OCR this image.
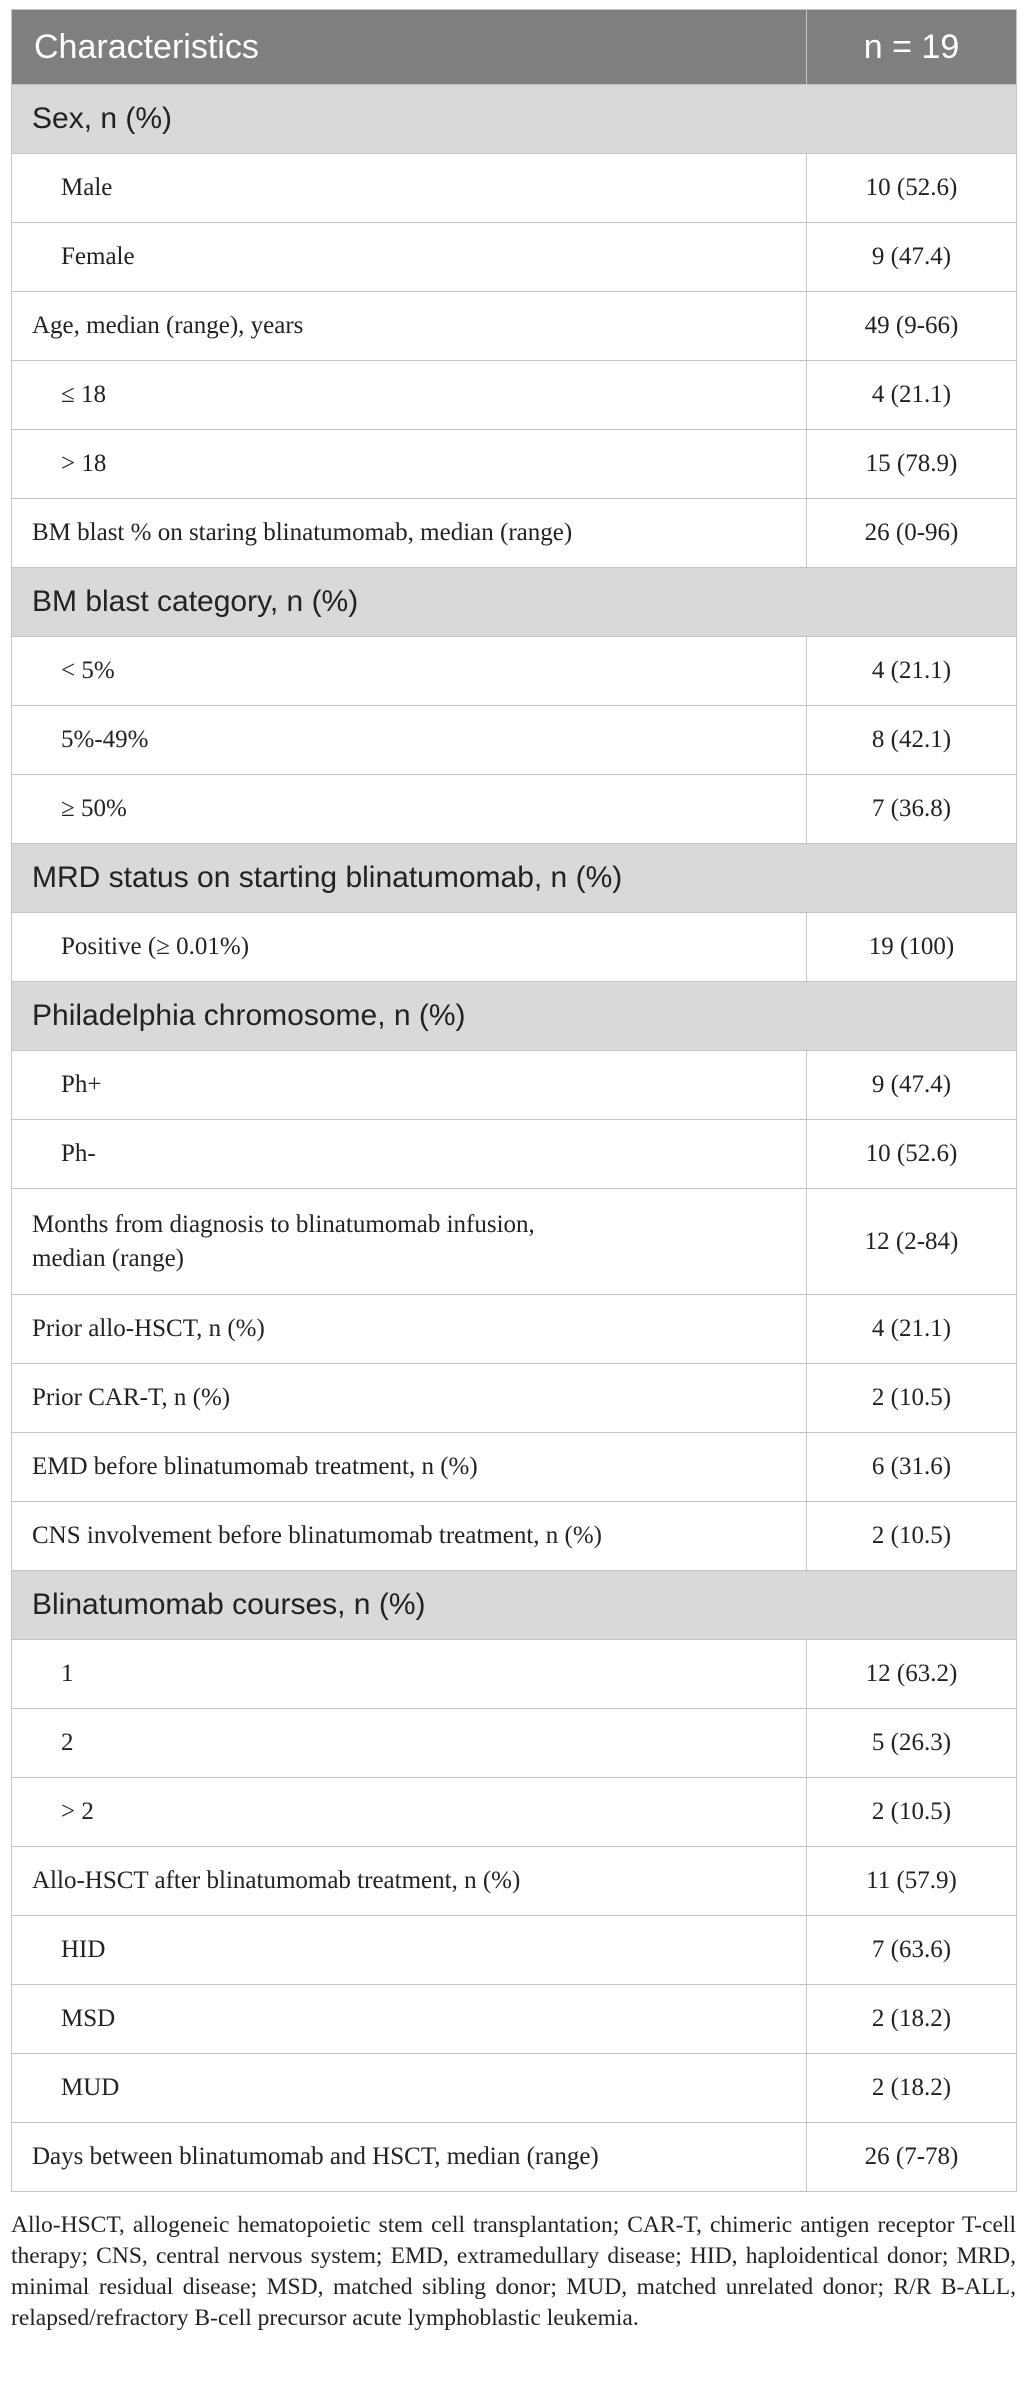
Characteristics	n = 19
Sex, n (%)	
Male	10 (52.6)
Female	9 (47.4)
Age, median (range), years	49 (9-66)
≤ 18	4 (21.1)
> 18	15 (78.9)
BM blast % on staring blinatumomab, median (range)	26 (0-96)
BM blast category, n (%)	
< 5%	4 (21.1)
5%-49%	8 (42.1)
≥ 50%	7 (36.8)
MRD status on starting blinatumomab, n (%)	
Positive (≥ 0.01%)	19 (100)
Philadelphia chromosome, n (%)	
Ph+	9 (47.4)
Ph-	10 (52.6)
Months from diagnosis to blinatumomab infusion,
median (range)	12 (2-84)
Prior allo-HSCT, n (%)	4 (21.1)
Prior CAR-T, n (%)	2 (10.5)
EMD before blinatumomab treatment, n (%)	6 (31.6)
CNS involvement before blinatumomab treatment, n (%)	2 (10.5)
Blinatumomab courses, n (%)	
1	12 (63.2)
2	5 (26.3)
> 2	2 (10.5)
Allo-HSCT after blinatumomab treatment, n (%)	11 (57.9)
HID	7 (63.6)
MSD	2 (18.2)
MUD	2 (18.2)
Days between blinatumomab and HSCT, median (range)	26 (7-78)
Allo-HSCT, allogeneic hematopoietic stem cell transplantation; CAR-T, chimeric antigen receptor T-cell therapy; CNS, central nervous system; EMD, extramedullary disease; HID, haploidentical donor; MRD, minimal residual disease; MSD, matched sibling donor; MUD, matched unrelated donor; R/R B-ALL, relapsed/refractory B-cell precursor acute lymphoblastic leukemia.
